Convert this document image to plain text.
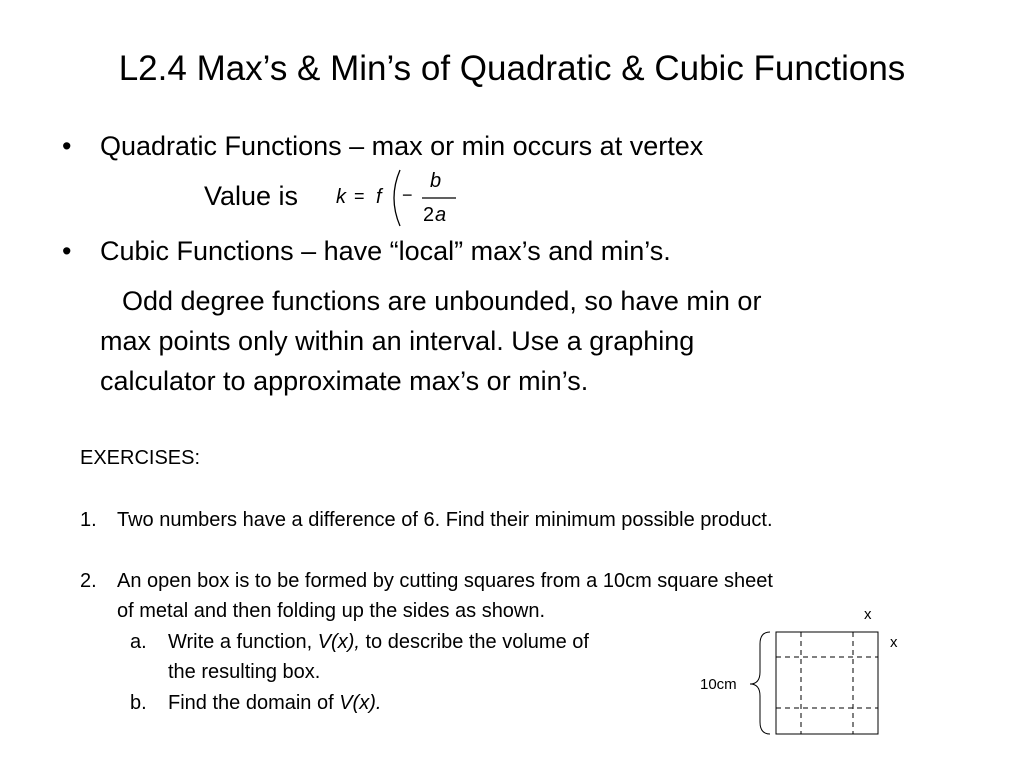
L2.4 Max’s & Min’s of Quadratic & Cubic Functions
• Quadratic Functions – max or min occurs at vertex
Value is k = f −
b
2 a
• Cubic Functions – have “local” max’s and min’s.
Odd degree functions are unbounded, so have min or
max points only within an interval. Use a graphing
calculator to approximate max’s or min’s.
EXERCISES:
1. Two numbers have a difference of 6. Find their minimum possible product.
2. An open box is to be formed by cutting squares from a 10cm square sheet
of metal and then folding up the sides as shown.
a. Write a function, V(x), to describe the volume of
the resulting box.
b. Find the domain of V(x).
10cm
x
x
